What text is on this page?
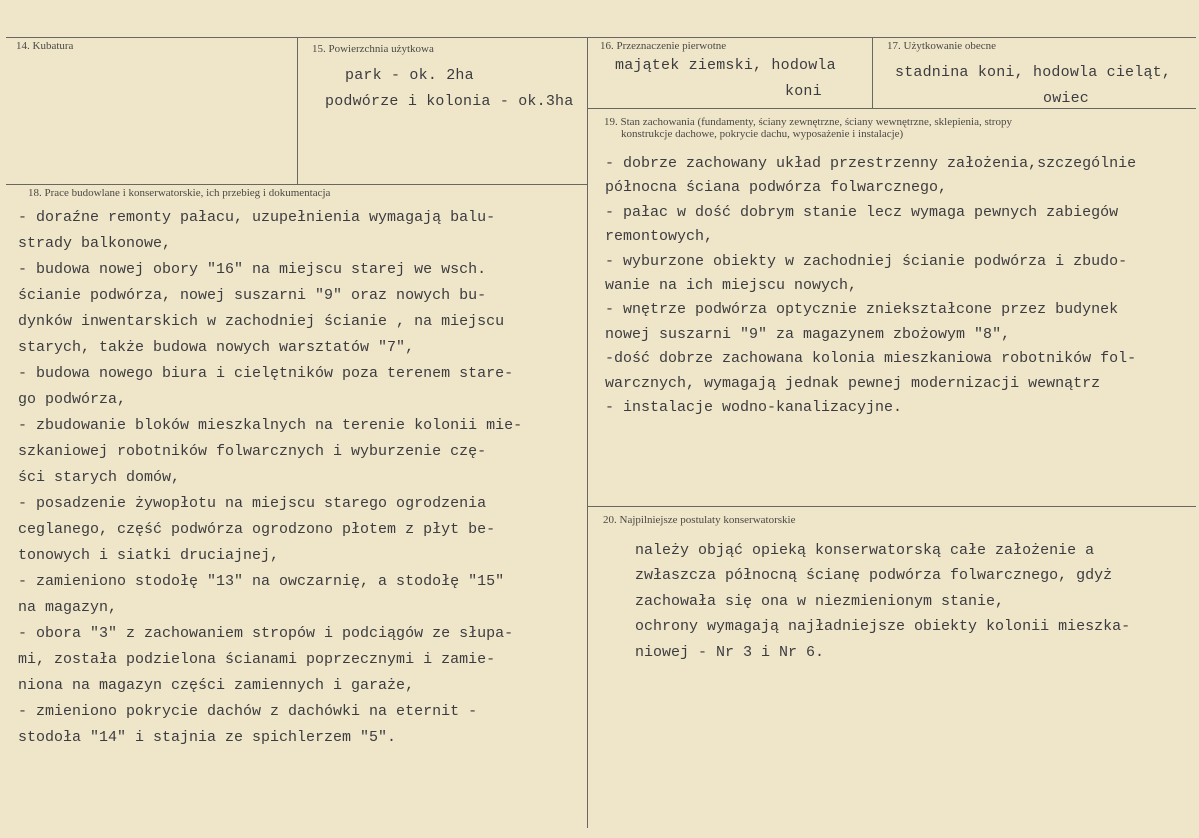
14. Kubatura	15. Powierzchnia użytkowa
park - ok. 2ha
podwórze i kolonia - ok.3ha
16. Przeznaczenie pierwotne
majątek ziemski, hodowla
koni
17. Użytkowanie obecne
stadnina koni, hodowla cieląt,
owiec
18. Prace budowlane i konserwatorskie, ich przebieg i dokumentacja
- doraźne remonty pałacu, uzupełnienia wymagają balu-
strady balkonowe,
- budowa nowej obory "16" na miejscu starej we wsch.
ścianie podwórza, nowej suszarni "9" oraz nowych bu-
dynków inwentarskich w zachodniej ścianie , na miejscu
starych, także budowa nowych warsztatów "7",
- budowa nowego biura i cielętników poza terenem stare-
go podwórza,
- zbudowanie bloków mieszkalnych na terenie kolonii mie-
szkaniowej robotników folwarcznych i wyburzenie czę-
ści starych domów,
- posadzenie żywopłotu na miejscu starego ogrodzenia
ceglanego, część podwórza ogrodzono płotem z płyt be-
tonowych i siatki druciajnej,
- zamieniono stodołę "13" na owczarnię, a stodołę "15"
na magazyn,
- obora "3" z zachowaniem stropów i podciągów ze słupa-
mi, została podzielona ścianami poprzecznymi i zamie-
niona na magazyn części zamiennych i garaże,
- zmieniono pokrycie dachów z dachówki na eternit -
stodoła "14" i stajnia ze spichlerzem "5".
19. Stan zachowania (fundamenty, ściany zewnętrzne, ściany wewnętrzne, sklepienia, stropy
konstrukcje dachowe, pokrycie dachu, wyposażenie i instalacje)
- dobrze zachowany układ przestrzenny założenia,szczególnie
północna ściana podwórza folwarcznego,
- pałac w dość dobrym stanie lecz wymaga pewnych zabiegów
remontowych,
- wyburzone obiekty w zachodniej ścianie podwórza i zbudo-
wanie na ich miejscu nowych,
- wnętrze podwórza optycznie zniekształcone przez budynek
nowej suszarni "9" za magazynem zbożowym "8",
-dość dobrze zachowana kolonia mieszkaniowa robotników fol-
warcznych, wymagają jednak pewnej modernizacji wewnątrz
- instalacje wodno-kanalizacyjne.
20. Najpilniejsze postulaty konserwatorskie
należy objąć opieką konserwatorską całe założenie a
zwłaszcza północną ścianę podwórza folwarcznego, gdyż
zachowała się ona w niezmienionym stanie,
ochrony wymagają najładniejsze obiekty kolonii mieszka-
niowej - Nr 3 i Nr 6.
